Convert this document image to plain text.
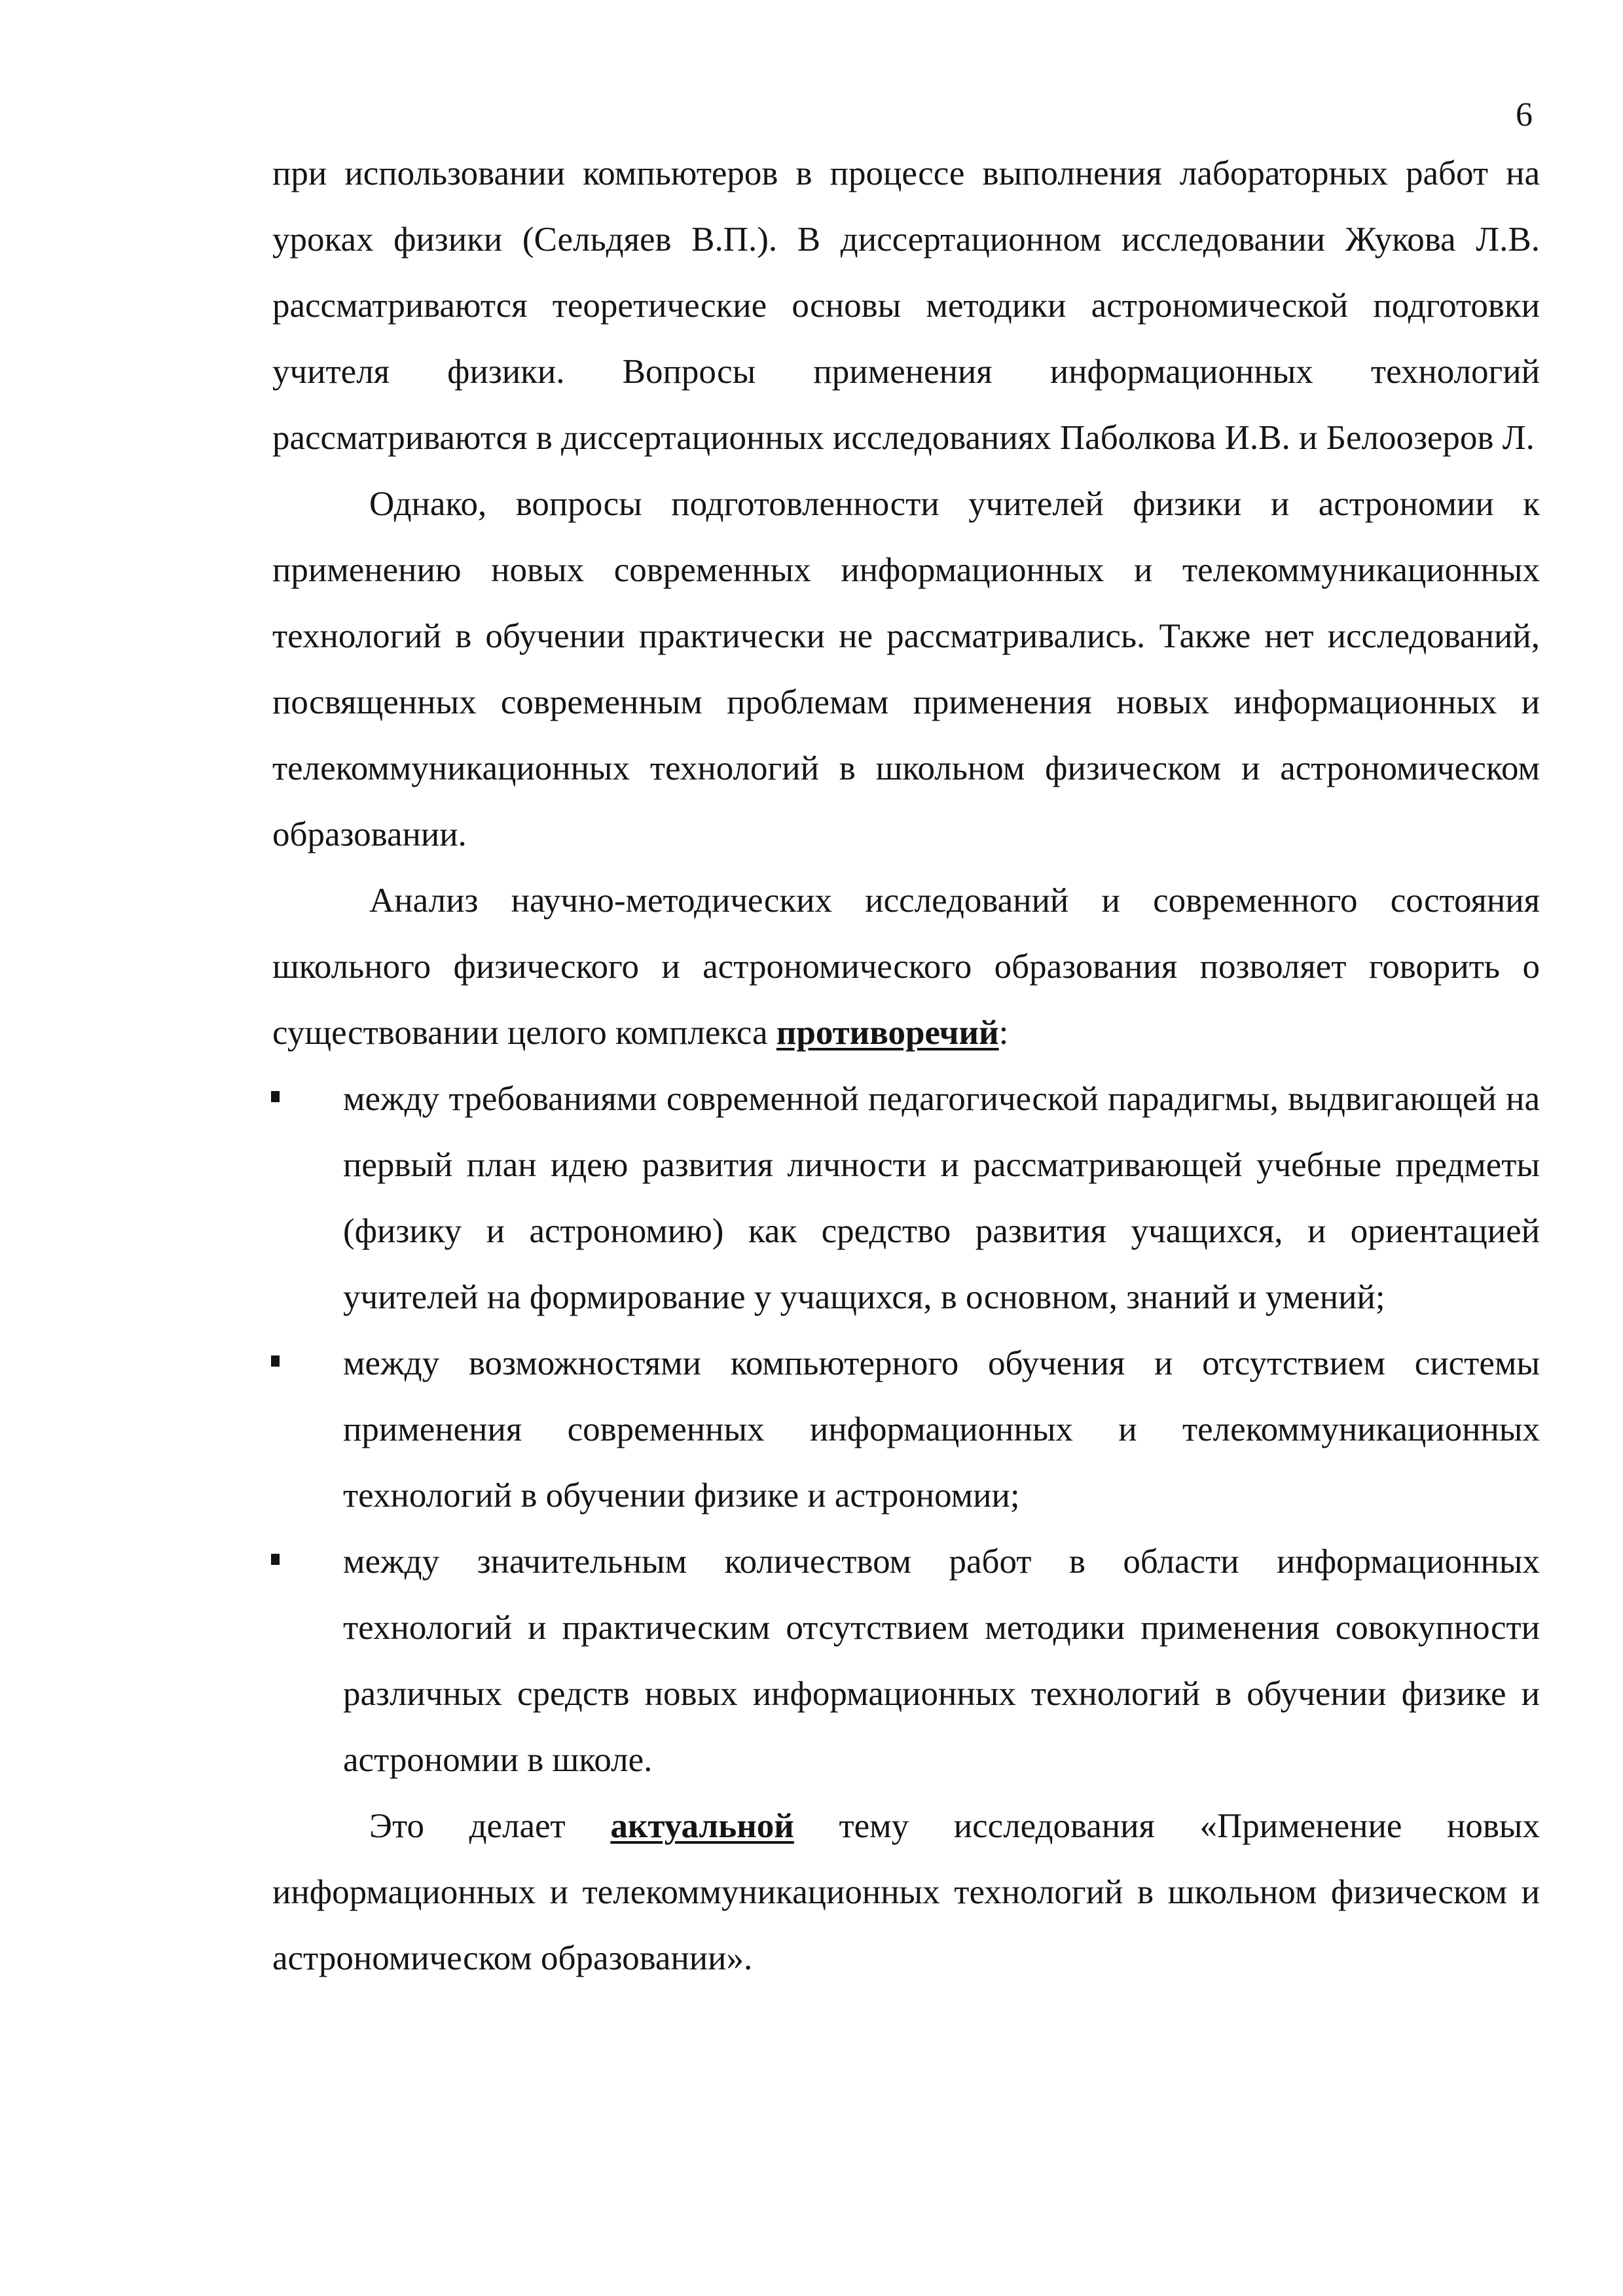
6

при использовании компьютеров в процессе выполнения лабораторных работ на уроках физики (Сельдяев В.П.). В диссертационном исследовании Жукова Л.В. рассматриваются теоретические основы методики астрономической подготовки учителя физики. Вопросы применения информационных технологий рассматриваются в диссертационных исследованиях Паболкова И.В. и Белоозеров Л.

Однако, вопросы подготовленности учителей физики и астрономии к применению новых современных информационных и телекоммуникационных технологий в обучении практически не рассматривались. Также нет исследований, посвященных современным проблемам применения новых информационных и телекоммуникационных технологий в школьном физическом и астрономическом образовании.

Анализ научно-методических исследований и современного состояния школьного физического и астрономического образования позволяет говорить о существовании целого комплекса противоречий:

между требованиями современной педагогической парадигмы, выдвигающей на первый план идею развития личности и рассматривающей учебные предметы (физику и астрономию) как средство развития учащихся, и ориентацией учителей на формирование у учащихся, в основном, знаний и умений;
между возможностями компьютерного обучения и отсутствием системы применения современных информационных и телекоммуникационных технологий в обучении физике и астрономии;
между значительным количеством работ в области информационных технологий и практическим отсутствием методики применения совокупности различных средств новых информационных технологий в обучении физике и астрономии в школе.

Это делает актуальной тему исследования «Применение новых информационных и телекоммуникационных технологий в школьном физическом и астрономическом образовании».
